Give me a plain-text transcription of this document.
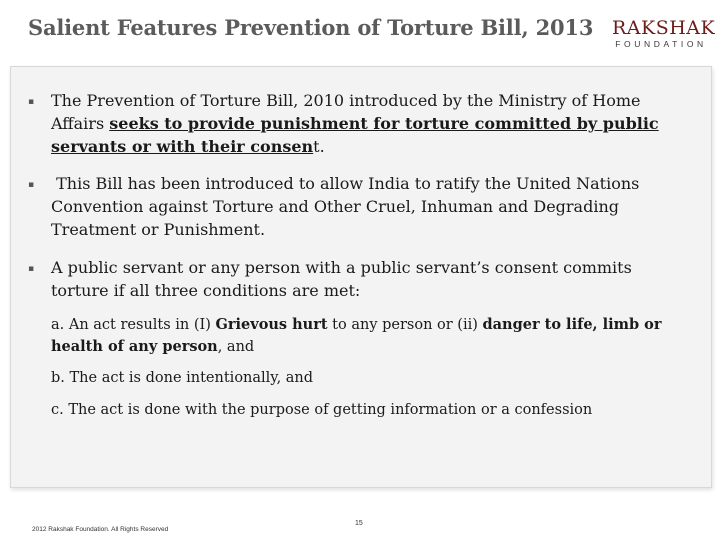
Salient Features Prevention of Torture Bill, 2013 RAKSHAK
FOUNDATION
▪ The Prevention of Torture Bill, 2010 introduced by the Ministry of Home Affairs seeks to provide punishment for torture committed by public servants or with their consent.
▪ This Bill has been introduced to allow India to ratify the United Nations Convention against Torture and Other Cruel, Inhuman and Degrading Treatment or Punishment.
▪ A public servant or any person with a public servant’s consent commits torture if all three conditions are met:
a. An act results in (I) Grievous hurt to any person or (ii) danger to life, limb or health of any person, and
b. The act is done intentionally, and
c. The act is done with the purpose of getting information or a confession
2012 Rakshak Foundation. All Rights Reserved
15
